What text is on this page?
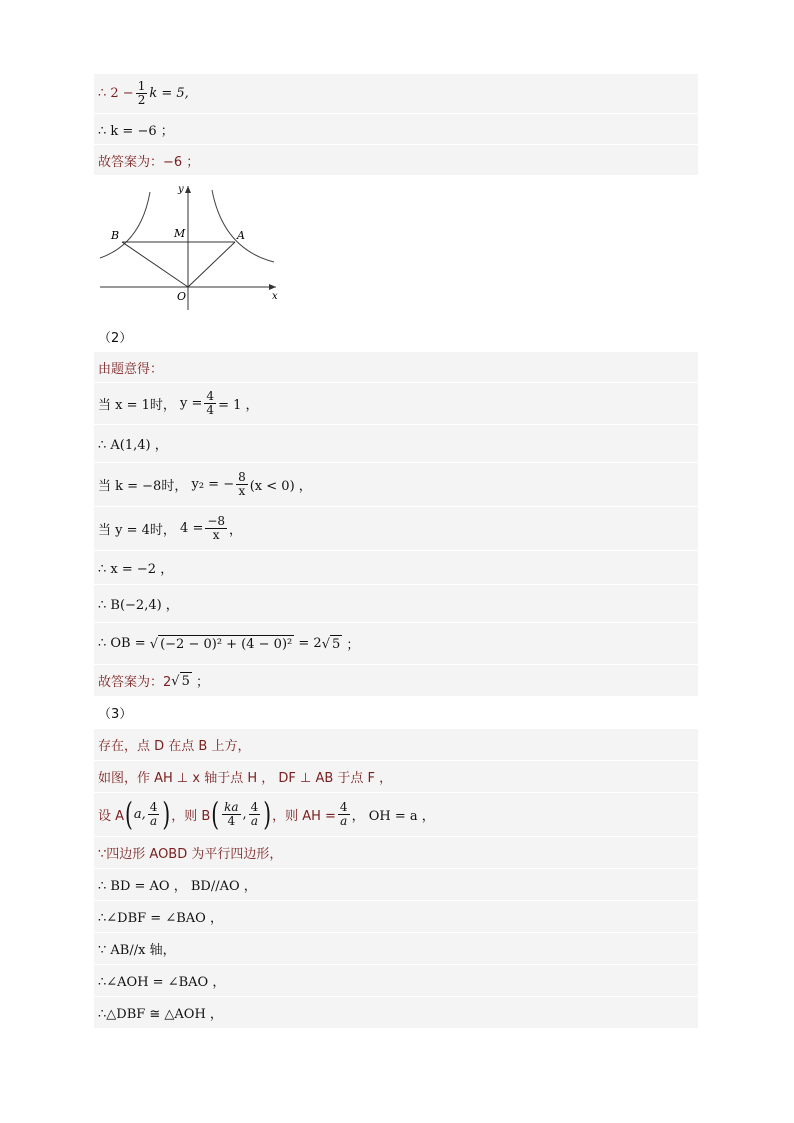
∴ $2 - \frac{1}{2}$ k = 5,
∴ k = −6 ；
故答案为：−6 ；
B	M	A
O	x
y
（2）
由题意得：
当 x = 1时，
$y = \frac{4}{4} = 1$ ，
∴ A(1,4) ，
当 k = −8时，
y₂ = − $\frac{8}{x} (x < 0)$ ，
当 y = 4时，
$4 = \frac{-8}{x}$ ，
∴ x = −2 ，
∴ B(−2,4) ，
∴ OB =
√ (−2 − 0)² + (4 − 0)²
= 2 √ 5
；
故答案为：2 √ 5
；
（3）
存在，点 D 在点 B 上方，
如图，作 AH ⊥ x 轴于点 H ， DF ⊥ AB 于点 F ，
设 A ( a, $\frac{4}{a}$ ) ，则 B ( $\frac{ka}{4}$ , $\frac{4}{a}$ ) ，则 AH = $\frac{4}{a}$ ， OH = a ，
∵四边形 AOBD 为平行四边形，
∴ BD = AO ， BD//AO ，
∴∠DBF = ∠BAO ，
∵ AB//x 轴，
∴∠AOH = ∠BAO ，
∴△DBF ≅ △AOH ，
